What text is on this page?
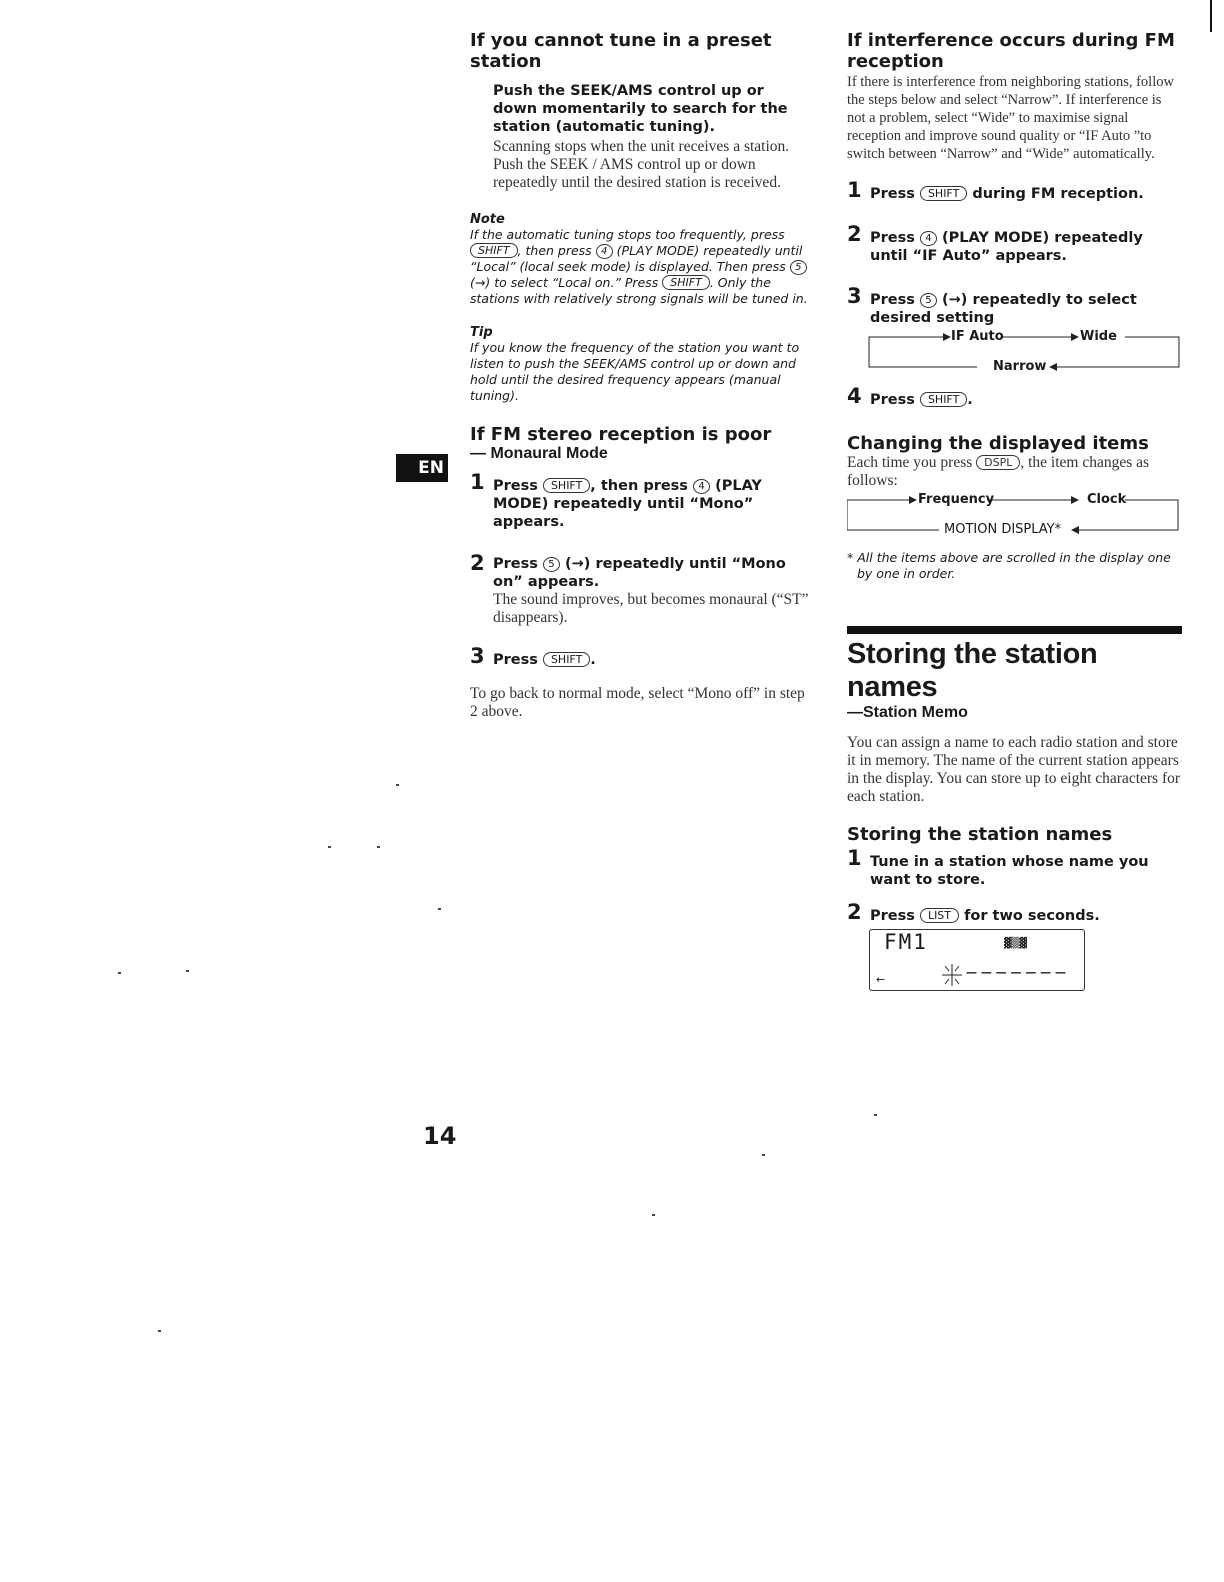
If you cannot tune in a preset station
Push the SEEK/AMS control up or down momentarily to search for the station (automatic tuning).
Scanning stops when the unit receives a station. Push the SEEK / AMS control up or down repeatedly until the desired station is received.
Note
If the automatic tuning stops too frequently, press SHIFT , then press 4 (PLAY MODE) repeatedly until “Local” (local seek mode) is displayed. Then press 5 (→) to select “Local on.” Press SHIFT . Only the stations with relatively strong signals will be tuned in.
Tip
If you know the frequency of the station you want to listen to push the SEEK/AMS control up or down and hold until the desired frequency appears (manual tuning).
If FM stereo reception is poor
— Monaural Mode
1 Press SHIFT , then press 4 (PLAY MODE) repeatedly until “Mono” appears.
2 Press 5 (→) repeatedly until “Mono on” appears.
The sound improves, but becomes monaural (“ST” disappears).
3 Press SHIFT .
To go back to normal mode, select “Mono off” in step 2 above.
EN
14
If interference occurs during FM reception
If there is interference from neighboring stations, follow the steps below and select “Narrow”. If interference is not a problem, select “Wide” to maximise signal reception and improve sound quality or “IF Auto ”to switch between “Narrow” and “Wide” automatically.
1 Press SHIFT during FM reception.
2 Press 4 (PLAY MODE) repeatedly until “IF Auto” appears.
3 Press 5 (→) repeatedly to select desired setting
IF Auto	Wide
Narrow
4 Press SHIFT .
Changing the displayed items
Each time you press DSPL , the item changes as follows:
Frequency	Clock
MOTION DISPLAY*
* All the items above are scrolled in the display one by one in order.
Storing the station names
—Station Memo
You can assign a name to each radio station and store it in memory. The name of the current station appears in the display. You can store up to eight characters for each station.
Storing the station names
1 Tune in a station whose name you want to store.
2 Press LIST for two seconds.
FM1	▓▒▓
— — — — — — —
←
